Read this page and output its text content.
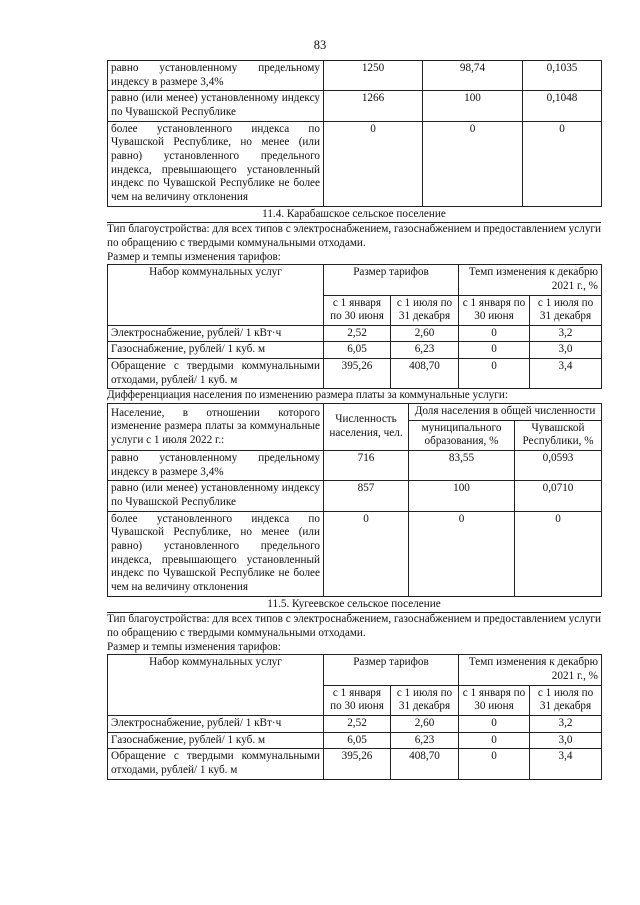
83
равно установленному предельному индексу в размере 3,4%	1250	98,74	0,1035
равно (или менее) установленному индексу по Чувашской Республике	1266	100	0,1048
более установленного индекса по Чувашской Республике, но менее (или равно) установленного предельного индекса, превышающего установленный индекс по Чувашской Республике не более чем на величину отклонения	0	0	0
11.4. Карабашское сельское поселение
Тип благоустройства: для всех типов с электроснабжением, газоснабжением и предоставлением услуги по обращению с твердыми коммунальными отходами.
Размер и темпы изменения тарифов:
Набор коммунальных услуг	Размер тарифов		Темп изменения к декабрю 2021 г., %	
	с 1 января по 30 июня	с 1 июля по 31 декабря	с 1 января по 30 июня	с 1 июля по 31 декабря
Электроснабжение, рублей/ 1 кВт·ч	2,52	2,60	0	3,2
Газоснабжение, рублей/ 1 куб. м	6,05	6,23	0	3,0
Обращение с твердыми коммунальными отходами, рублей/ 1 куб. м	395,26	408,70	0	3,4
Дифференциация населения по изменению размера платы за коммунальные услуги:
Население, в отношении которого изменение размера платы за коммунальные услуги с 1 июля 2022 г.:	Численность населения, чел.	Доля населения в общей численности	
		муниципального образования, %	Чувашской Республики, %
равно установленному предельному индексу в размере 3,4%	716	83,55	0,0593
равно (или менее) установленному индексу по Чувашской Республике	857	100	0,0710
более установленного индекса по Чувашской Республике, но менее (или равно) установленного предельного индекса, превышающего установленный индекс по Чувашской Республике не более чем на величину отклонения	0	0	0
11.5. Кугеевское сельское поселение
Тип благоустройства: для всех типов с электроснабжением, газоснабжением и предоставлением услуги по обращению с твердыми коммунальными отходами.
Размер и темпы изменения тарифов:
Набор коммунальных услуг	Размер тарифов		Темп изменения к декабрю 2021 г., %	
	с 1 января по 30 июня	с 1 июля по 31 декабря	с 1 января по 30 июня	с 1 июля по 31 декабря
Электроснабжение, рублей/ 1 кВт·ч	2,52	2,60	0	3,2
Газоснабжение, рублей/ 1 куб. м	6,05	6,23	0	3,0
Обращение с твердыми коммунальными отходами, рублей/ 1 куб. м	395,26	408,70	0	3,4
